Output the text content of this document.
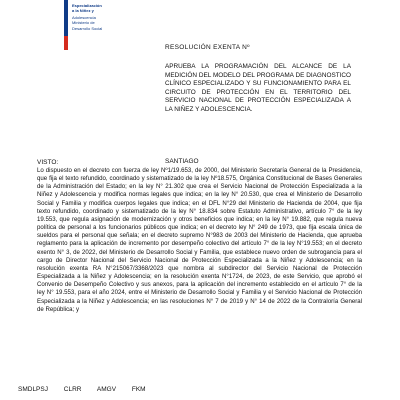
Especialización
a la Niñez y
Adolescencia
Ministerio de
Desarrollo Social
RESOLUCIÓN EXENTA Nº
APRUEBA LA PROGRAMACIÓN DEL ALCANCE DE LA MEDICIÓN DEL MODELO DEL PROGRAMA DE DIAGNOSTICO CLÍNICO ESPECIALIZADO Y SU FUNCIONAMIENTO PARA EL CIRCUITO DE PROTECCIÓN EN EL TERRITORIO DEL SERVICIO NACIONAL DE PROTECCIÓN ESPECIALIZADA A LA NIÑEZ Y ADOLESCENCIA.
SANTIAGO
VISTO:
Lo dispuesto en el decreto con fuerza de ley Nº1/19.653, de 2000, del Ministerio Secretaría General de la Presidencia, que fija el texto refundido, coordinado y sistematizado de la ley Nº18.575, Orgánica Constitucional de Bases Generales de la Administración del Estado; en la ley N° 21.302 que crea el Servicio Nacional de Protección Especializada a la Niñez y Adolescencia y modifica normas legales que indica; en la ley N° 20.530, que crea el Ministerio de Desarrollo Social y Familia y modifica cuerpos legales que indica; en el DFL N°29 del Ministerio de Hacienda de 2004, que fija texto refundido, coordinado y sistematizado de la ley N° 18.834 sobre Estatuto Administrativo, artículo 7° de la ley 19.553, que regula asignación de modernización y otros beneficios que indica; en la ley N° 19.882, que regula nueva política de personal a los funcionarios públicos que indica; en el decreto ley N° 249 de 1973, que fija escala única de sueldos para el personal que señala; en el decreto supremo N°983 de 2003 del Ministerio de Hacienda, que aprueba reglamento para la aplicación de incremento por desempeño colectivo del artículo 7° de la ley N°19.553; en el decreto exento N° 3, de 2022, del Ministerio de Desarrollo Social y Familia, que establece nuevo orden de subrogancia para el cargo de Director Nacional del Servicio Nacional de Protección Especializada a la Niñez y Adolescencia; en la resolución exenta RA N°215067/3368/2023 que nombra al subdirector del Servicio Nacional de Protección Especializada a la Niñez y Adolescencia; en la resolución exenta N°1724, de 2023, de este Servicio, que aprobó el Convenio de Desempeño Colectivo y sus anexos, para la aplicación del incremento establecido en el artículo 7° de la ley N° 19.553, para el año 2024, entre el Ministerio de Desarrollo Social y Familia y el Servicio Nacional de Protección Especializada a la Niñez y Adolescencia; en las resoluciones N° 7 de 2019 y N° 14 de 2022 de la Contraloría General de República; y
SMDLPSJ CLRR AMGV FKM
